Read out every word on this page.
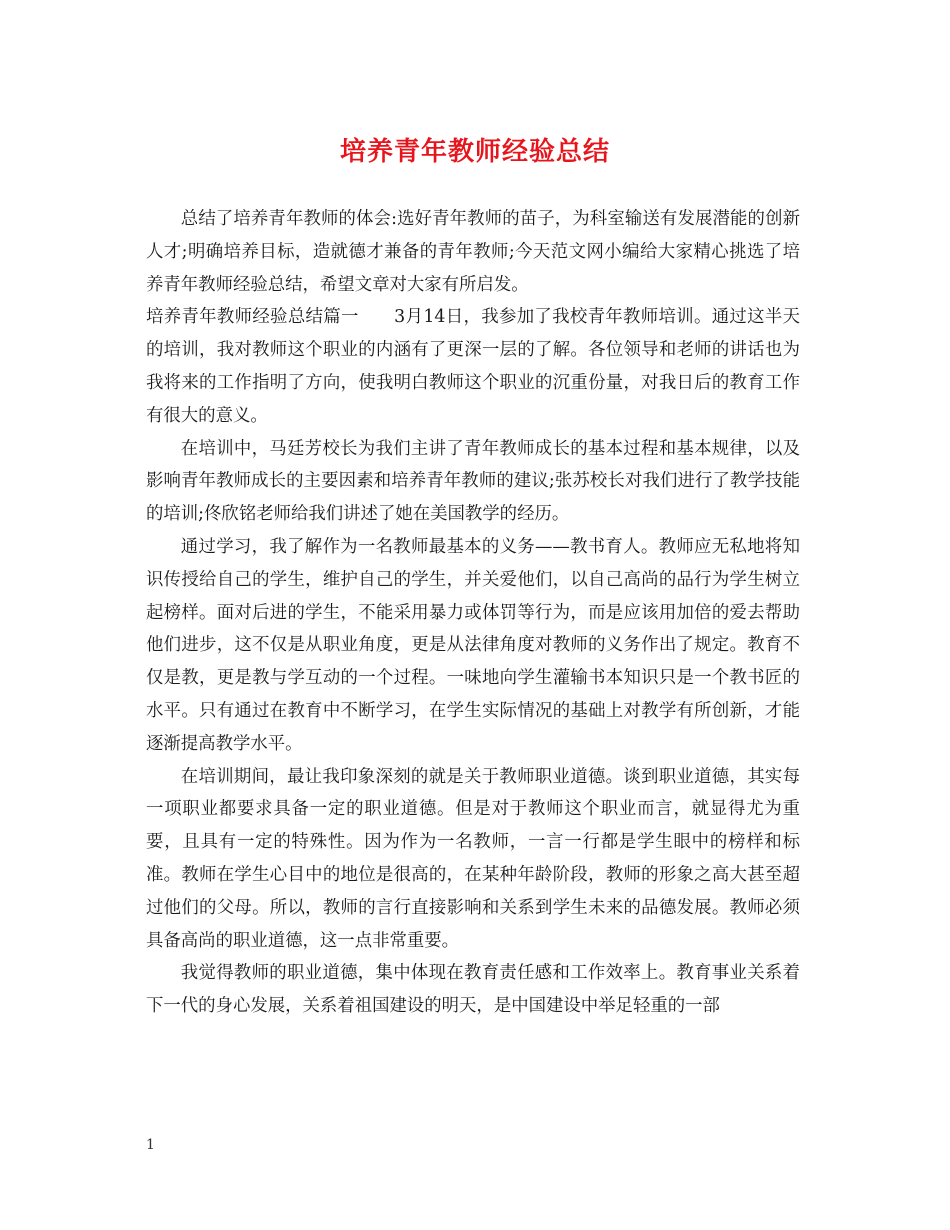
培养青年教师经验总结

总结了培养青年教师的体会:选好青年教师的苗子，为科室输送有发展潜能的创新人才;明确培养目标，造就德才兼备的青年教师;今天范文网小编给大家精心挑选了培养青年教师经验总结，希望文章对大家有所启发。

培养青年教师经验总结篇一　　3月14日，我参加了我校青年教师培训。通过这半天的培训，我对教师这个职业的内涵有了更深一层的了解。各位领导和老师的讲话也为我将来的工作指明了方向，使我明白教师这个职业的沉重份量，对我日后的教育工作有很大的意义。

在培训中，马廷芳校长为我们主讲了青年教师成长的基本过程和基本规律，以及影响青年教师成长的主要因素和培养青年教师的建议;张苏校长对我们进行了教学技能的培训;佟欣铭老师给我们讲述了她在美国教学的经历。

通过学习，我了解作为一名教师最基本的义务——教书育人。教师应无私地将知识传授给自己的学生，维护自己的学生，并关爱他们，以自己高尚的品行为学生树立起榜样。面对后进的学生，不能采用暴力或体罚等行为，而是应该用加倍的爱去帮助他们进步，这不仅是从职业角度，更是从法律角度对教师的义务作出了规定。教育不仅是教，更是教与学互动的一个过程。一味地向学生灌输书本知识只是一个教书匠的水平。只有通过在教育中不断学习，在学生实际情况的基础上对教学有所创新，才能逐渐提高教学水平。

在培训期间，最让我印象深刻的就是关于教师职业道德。谈到职业道德，其实每一项职业都要求具备一定的职业道德。但是对于教师这个职业而言，就显得尤为重要，且具有一定的特殊性。因为作为一名教师，一言一行都是学生眼中的榜样和标准。教师在学生心目中的地位是很高的，在某种年龄阶段，教师的形象之高大甚至超过他们的父母。所以，教师的言行直接影响和关系到学生未来的品德发展。教师必须具备高尚的职业道德，这一点非常重要。

我觉得教师的职业道德，集中体现在教育责任感和工作效率上。教育事业关系着下一代的身心发展，关系着祖国建设的明天，是中国建设中举足轻重的一部

1
